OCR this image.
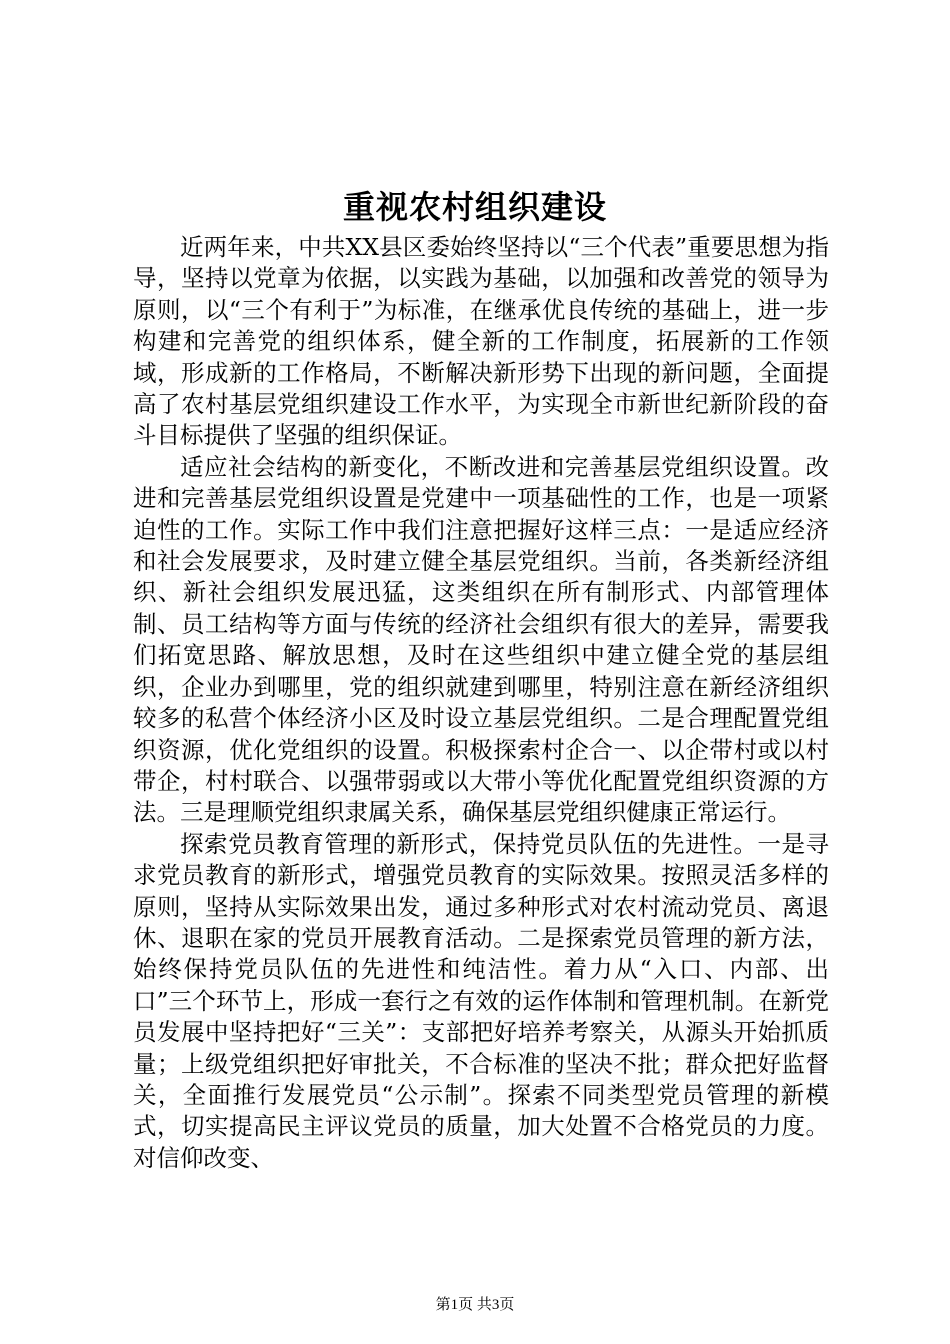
重视农村组织建设

近两年来，中共XX县区委始终坚持以“三个代表”重要思想为指导，坚持以党章为依据，以实践为基础，以加强和改善党的领导为原则，以“三个有利于”为标准，在继承优良传统的基础上，进一步构建和完善党的组织体系，健全新的工作制度，拓展新的工作领域，形成新的工作格局，不断解决新形势下出现的新问题，全面提高了农村基层党组织建设工作水平，为实现全市新世纪新阶段的奋斗目标提供了坚强的组织保证。

适应社会结构的新变化，不断改进和完善基层党组织设置。改进和完善基层党组织设置是党建中一项基础性的工作，也是一项紧迫性的工作。实际工作中我们注意把握好这样三点：一是适应经济和社会发展要求，及时建立健全基层党组织。当前，各类新经济组织、新社会组织发展迅猛，这类组织在所有制形式、内部管理体制、员工结构等方面与传统的经济社会组织有很大的差异，需要我们拓宽思路、解放思想，及时在这些组织中建立健全党的基层组织，企业办到哪里，党的组织就建到哪里，特别注意在新经济组织较多的私营个体经济小区及时设立基层党组织。二是合理配置党组织资源，优化党组织的设置。积极探索村企合一、以企带村或以村带企，村村联合、以强带弱或以大带小等优化配置党组织资源的方法。三是理顺党组织隶属关系，确保基层党组织健康正常运行。

探索党员教育管理的新形式，保持党员队伍的先进性。一是寻求党员教育的新形式，增强党员教育的实际效果。按照灵活多样的原则，坚持从实际效果出发，通过多种形式对农村流动党员、离退休、退职在家的党员开展教育活动。二是探索党员管理的新方法，始终保持党员队伍的先进性和纯洁性。着力从“入口、内部、出口”三个环节上，形成一套行之有效的运作体制和管理机制。在新党员发展中坚持把好“三关”：支部把好培养考察关，从源头开始抓质量；上级党组织把好审批关，不合标准的坚决不批；群众把好监督关，全面推行发展党员“公示制”。探索不同类型党员管理的新模式，切实提高民主评议党员的质量，加大处置不合格党员的力度。对信仰改变、

第1页 共3页
